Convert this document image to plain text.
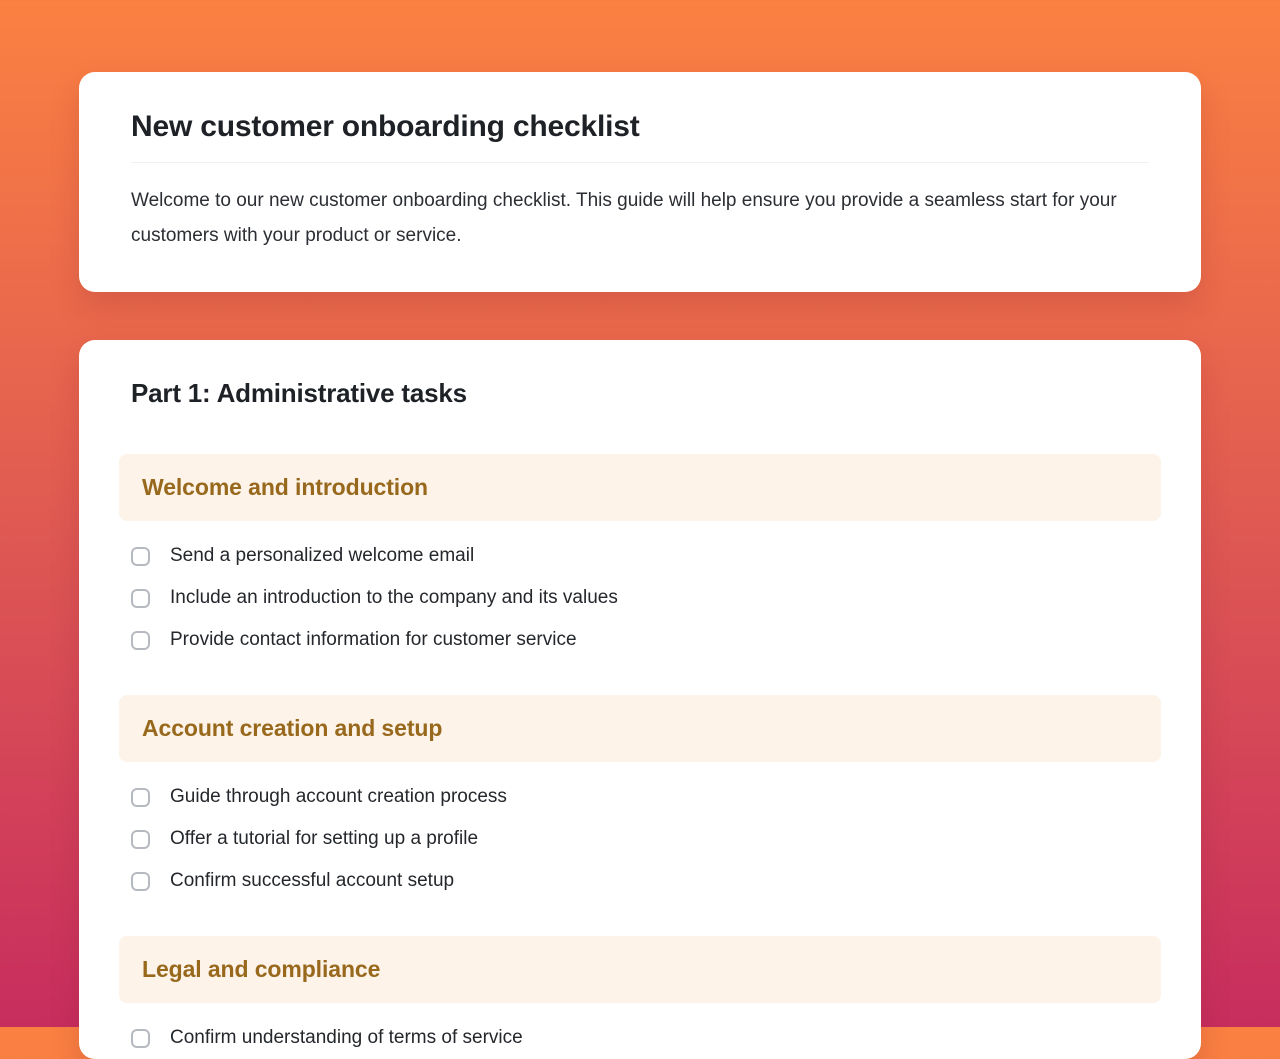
New customer onboarding checklist

Welcome to our new customer onboarding checklist. This guide will help ensure you provide a seamless start for your customers with your product or service.

Part 1: Administrative tasks
Welcome and introduction
Send a personalized welcome email
Include an introduction to the company and its values
Provide contact information for customer service
Account creation and setup
Guide through account creation process
Offer a tutorial for setting up a profile
Confirm successful account setup
Legal and compliance
Confirm understanding of terms of service
